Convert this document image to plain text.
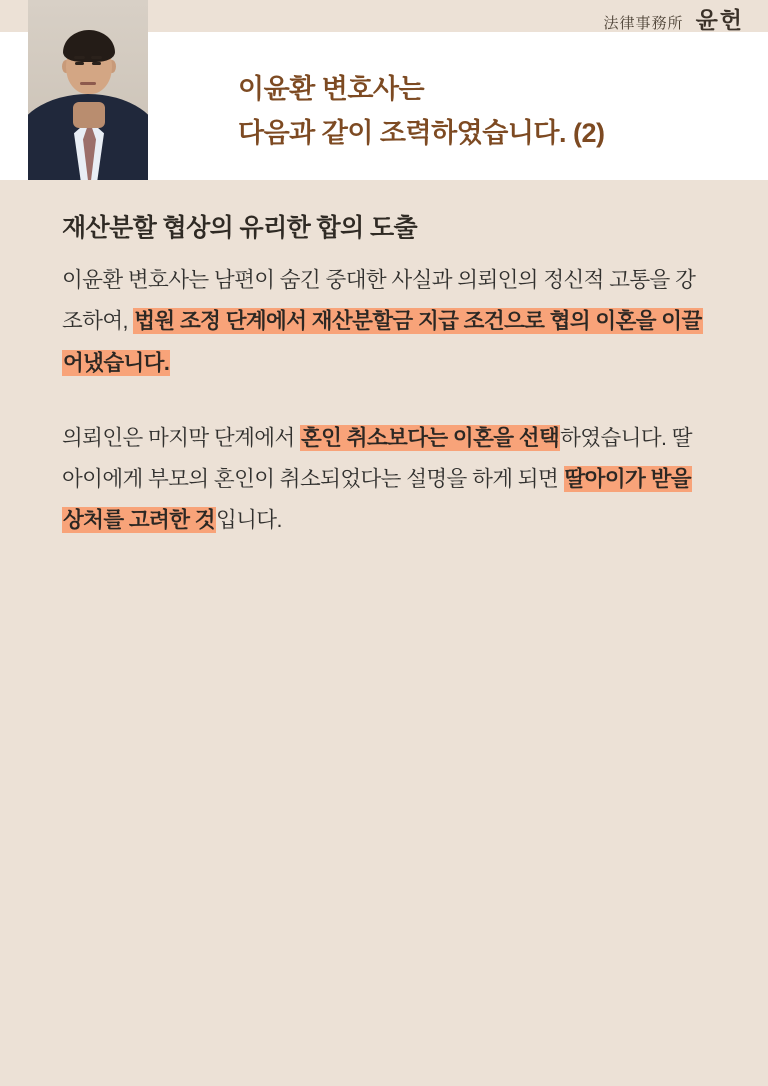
法律事務所 윤헌
이윤환 변호사는
다음과 같이 조력하였습니다. (2)
재산분할 협상의 유리한 합의 도출

이윤환 변호사는 남편이 숨긴 중대한 사실과 의뢰인의 정신적 고통을 강조하여, 법원 조정 단계에서 재산분할금 지급 조건으로 협의 이혼을 이끌어냈습니다.

의뢰인은 마지막 단계에서 혼인 취소보다는 이혼을 선택하였습니다. 딸아이에게 부모의 혼인이 취소되었다는 설명을 하게 되면 딸아이가 받을 상처를 고려한 것입니다.
